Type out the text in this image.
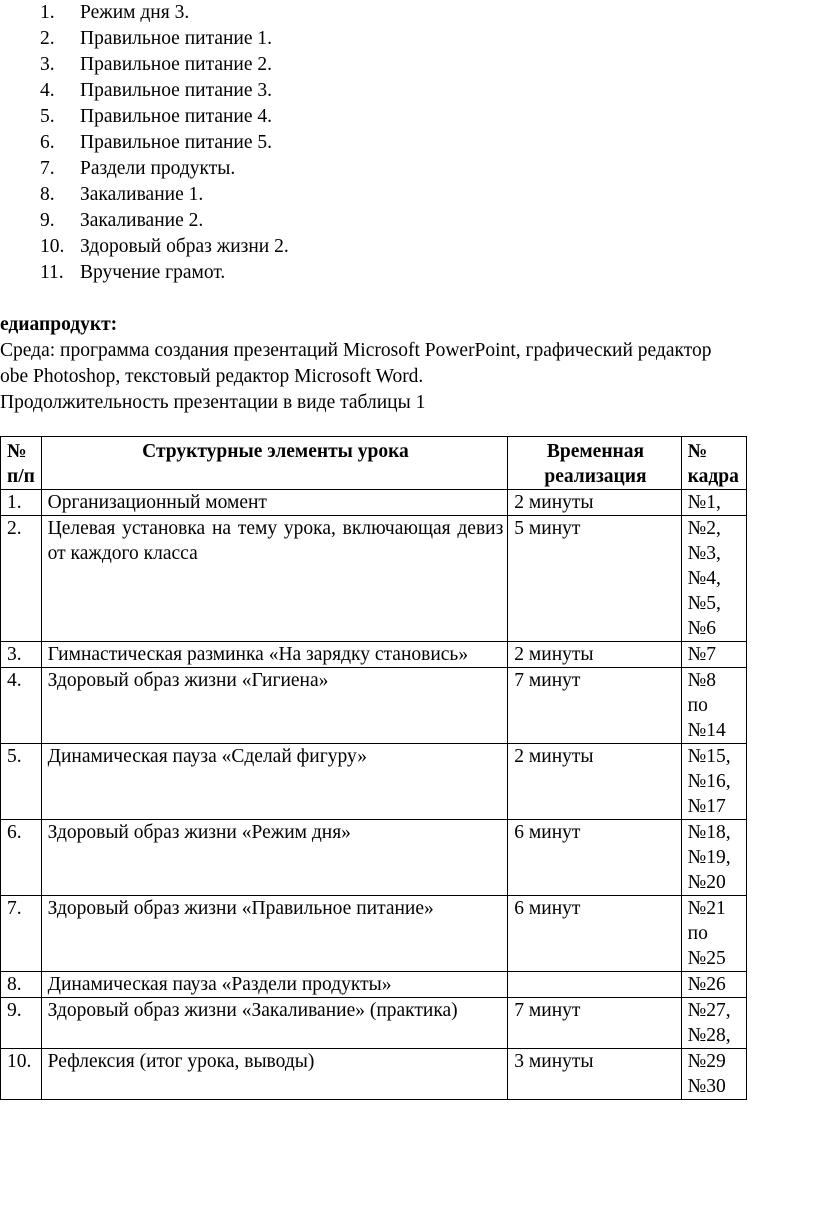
1.	Режим дня 3.
2.	Правильное питание 1.
3.	Правильное питание 2.
4.	Правильное питание 3.
5.	Правильное питание 4.
6.	Правильное питание 5.
7.	Раздели продукты.
8.	Закаливание 1.
9.	Закаливание 2.
10. Здоровый образ жизни 2.
11. Вручение грамот.
едиапродукт:
Среда: программа создания презентаций Microsoft PowerPoint, графический редактор
obe Photoshop, текстовый редактор Microsoft Word.
Продолжительность презентации в виде таблицы 1
№ п/п	Структурные элементы урока	Временная реализация	№ кадра
1.	Организационный момент	2 минуты	№1,

2.	Целевая установка на тему урока, включающая девиз от каждого класса	5 минут	№2,
№3,
№4,
№5,
№6

3.	Гимнастическая разминка «На зарядку становись»	2 минуты	№7

4.	Здоровый образ жизни «Гигиена»	7 минут	№8
по
№14

5.	Динамическая пауза «Сделай фигуру»	2 минуты	№15,
№16,
№17

6.	Здоровый образ жизни «Режим дня»	6 минут	№18,
№19,
№20

7.	Здоровый образ жизни «Правильное питание»	6 минут	№21
по
№25

8.	Динамическая пауза «Раздели продукты»		№26

9.	Здоровый образ жизни «Закаливание» (практика)	7 минут	№27,
№28,

10.	Рефлексия (итог урока, выводы)	3 минуты	№29
№30
